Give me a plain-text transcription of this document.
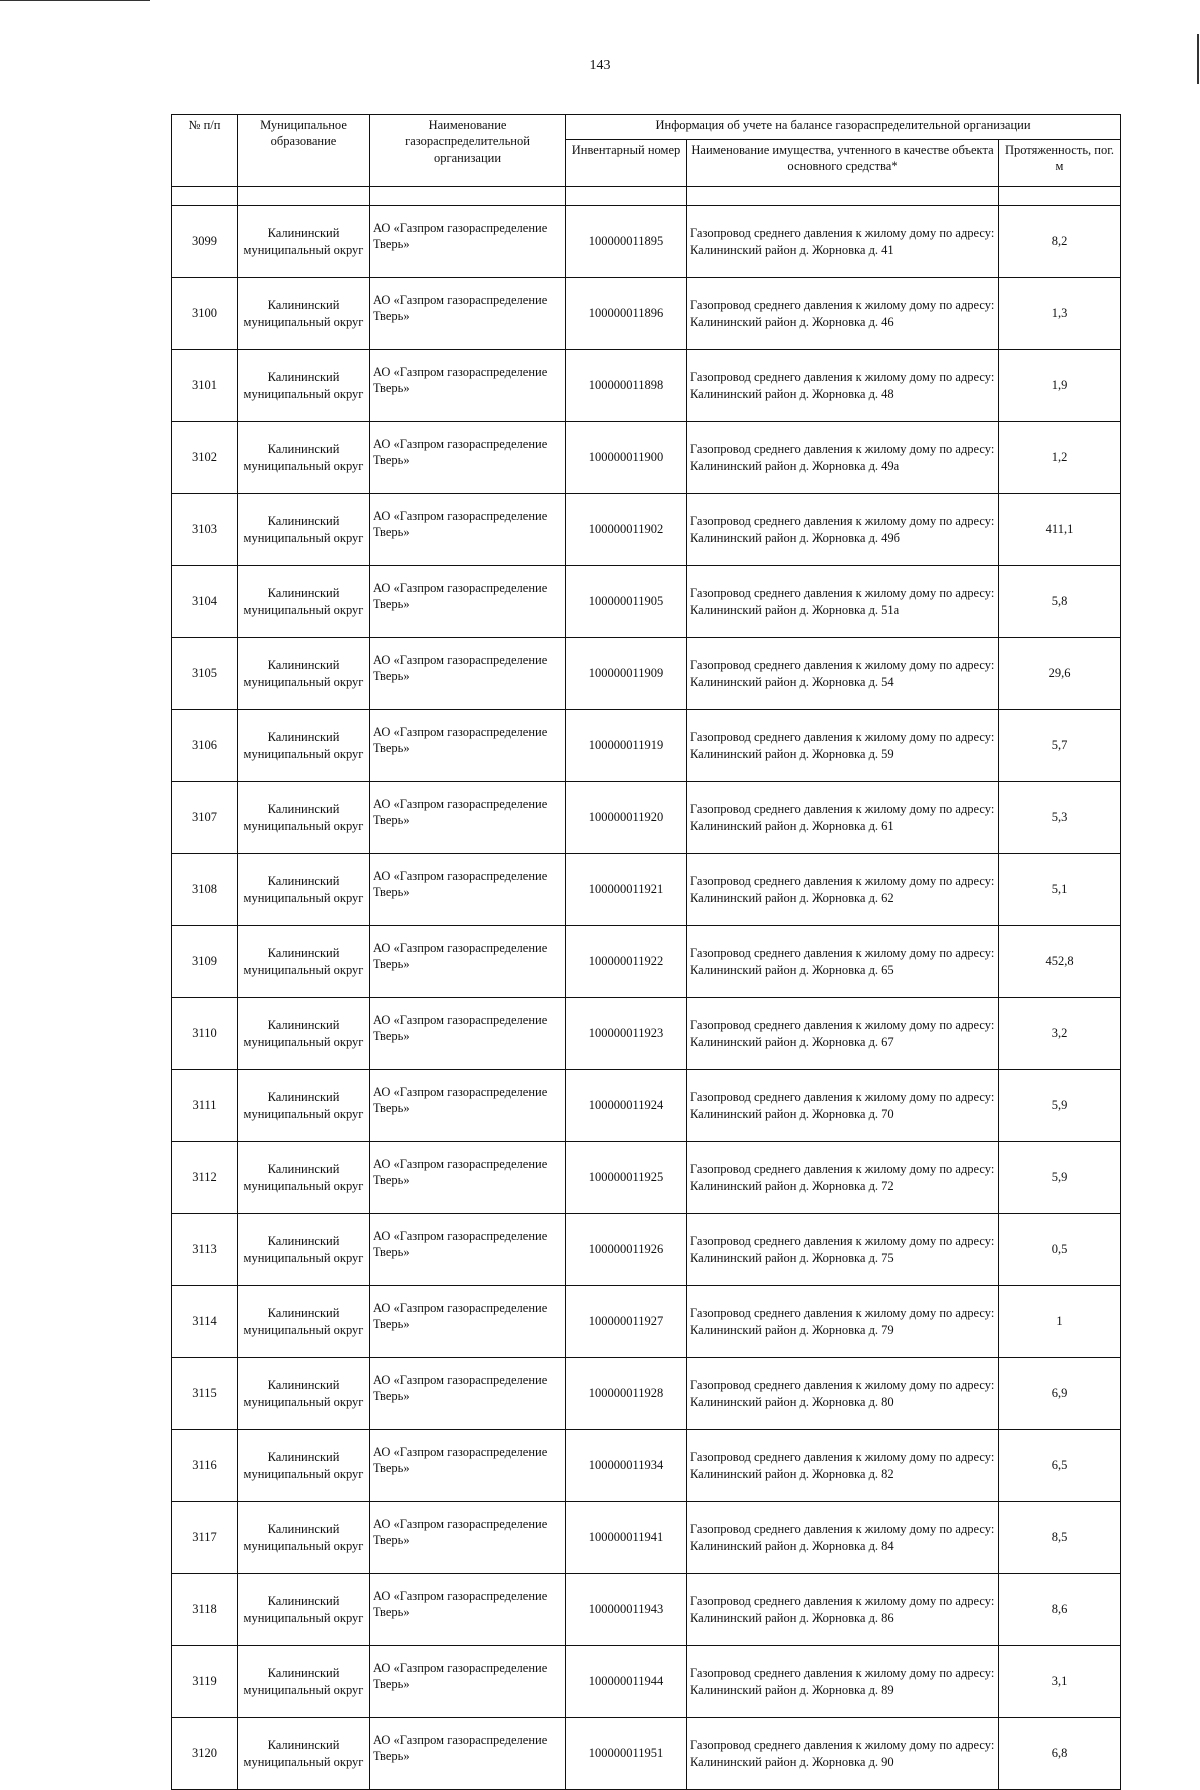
143
№ п/п	Муниципальное образование	Наименование газораспределительной организации	Информация об учете на балансе газораспределительной организации		
			Инвентарный номер	Наименование имущества, учтенного в качестве объекта основного средства*	Протяженность, пог. м

3099	Калининский муниципальный округ	АО «Газпром газораспределение Тверь»	100000011895	Газопровод среднего давления к жилому дому по адресу: Калининский район д. Жорновка д. 41	8,2
3100	Калининский муниципальный округ	АО «Газпром газораспределение Тверь»	100000011896	Газопровод среднего давления к жилому дому по адресу: Калининский район д. Жорновка д. 46	1,3
3101	Калининский муниципальный округ	АО «Газпром газораспределение Тверь»	100000011898	Газопровод среднего давления к жилому дому по адресу: Калининский район д. Жорновка д. 48	1,9
3102	Калининский муниципальный округ	АО «Газпром газораспределение Тверь»	100000011900	Газопровод среднего давления к жилому дому по адресу: Калининский район д. Жорновка д. 49а	1,2
3103	Калининский муниципальный округ	АО «Газпром газораспределение Тверь»	100000011902	Газопровод среднего давления к жилому дому по адресу: Калининский район д. Жорновка д. 49б	411,1
3104	Калининский муниципальный округ	АО «Газпром газораспределение Тверь»	100000011905	Газопровод среднего давления к жилому дому по адресу: Калининский район д. Жорновка д. 51а	5,8
3105	Калининский муниципальный округ	АО «Газпром газораспределение Тверь»	100000011909	Газопровод среднего давления к жилому дому по адресу: Калининский район д. Жорновка д. 54	29,6
3106	Калининский муниципальный округ	АО «Газпром газораспределение Тверь»	100000011919	Газопровод среднего давления к жилому дому по адресу: Калининский район д. Жорновка д. 59	5,7
3107	Калининский муниципальный округ	АО «Газпром газораспределение Тверь»	100000011920	Газопровод среднего давления к жилому дому по адресу: Калининский район д. Жорновка д. 61	5,3
3108	Калининский муниципальный округ	АО «Газпром газораспределение Тверь»	100000011921	Газопровод среднего давления к жилому дому по адресу: Калининский район д. Жорновка д. 62	5,1
3109	Калининский муниципальный округ	АО «Газпром газораспределение Тверь»	100000011922	Газопровод среднего давления к жилому дому по адресу: Калининский район д. Жорновка д. 65	452,8
3110	Калининский муниципальный округ	АО «Газпром газораспределение Тверь»	100000011923	Газопровод среднего давления к жилому дому по адресу: Калининский район д. Жорновка д. 67	3,2
3111	Калининский муниципальный округ	АО «Газпром газораспределение Тверь»	100000011924	Газопровод среднего давления к жилому дому по адресу: Калининский район д. Жорновка д. 70	5,9
3112	Калининский муниципальный округ	АО «Газпром газораспределение Тверь»	100000011925	Газопровод среднего давления к жилому дому по адресу: Калининский район д. Жорновка д. 72	5,9
3113	Калининский муниципальный округ	АО «Газпром газораспределение Тверь»	100000011926	Газопровод среднего давления к жилому дому по адресу: Калининский район д. Жорновка д. 75	0,5
3114	Калининский муниципальный округ	АО «Газпром газораспределение Тверь»	100000011927	Газопровод среднего давления к жилому дому по адресу: Калининский район д. Жорновка д. 79	1
3115	Калининский муниципальный округ	АО «Газпром газораспределение Тверь»	100000011928	Газопровод среднего давления к жилому дому по адресу: Калининский район д. Жорновка д. 80	6,9
3116	Калининский муниципальный округ	АО «Газпром газораспределение Тверь»	100000011934	Газопровод среднего давления к жилому дому по адресу: Калининский район д. Жорновка д. 82	6,5
3117	Калининский муниципальный округ	АО «Газпром газораспределение Тверь»	100000011941	Газопровод среднего давления к жилому дому по адресу: Калининский район д. Жорновка д. 84	8,5
3118	Калининский муниципальный округ	АО «Газпром газораспределение Тверь»	100000011943	Газопровод среднего давления к жилому дому по адресу: Калининский район д. Жорновка д. 86	8,6
3119	Калининский муниципальный округ	АО «Газпром газораспределение Тверь»	100000011944	Газопровод среднего давления к жилому дому по адресу: Калининский район д. Жорновка д. 89	3,1
3120	Калининский муниципальный округ	АО «Газпром газораспределение Тверь»	100000011951	Газопровод среднего давления к жилому дому по адресу: Калининский район д. Жорновка д. 90	6,8
